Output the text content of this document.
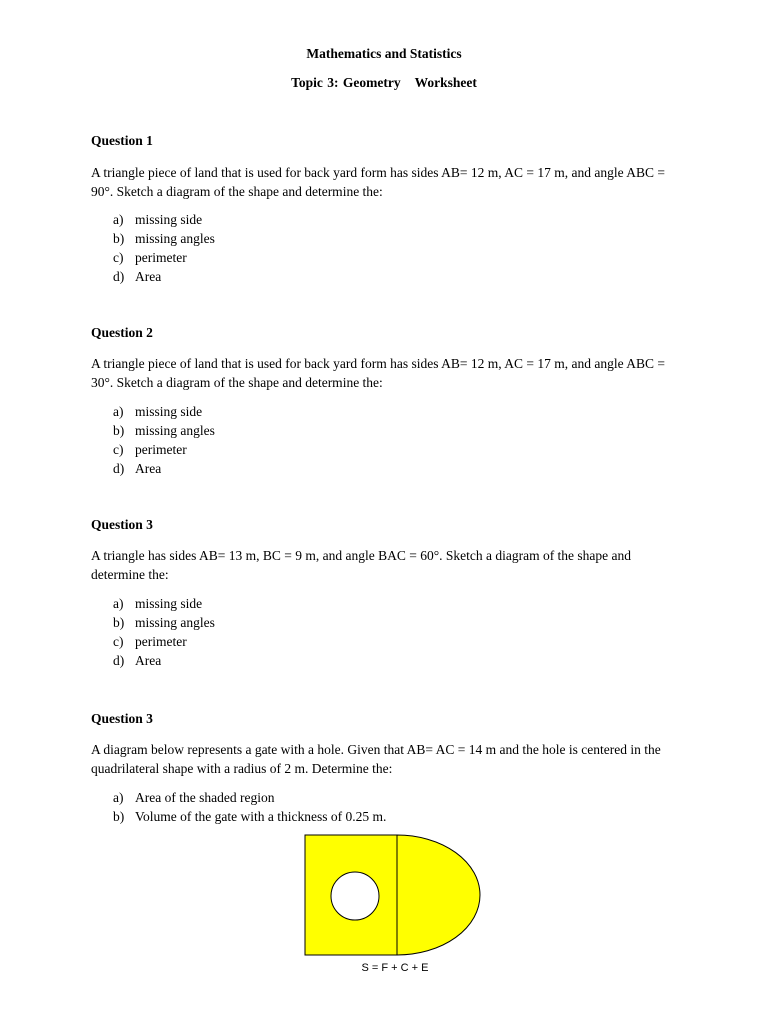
Mathematics and Statistics
Topic 3: Geometry Worksheet
Question 1
A triangle piece of land that is used for back yard form has sides AB= 12 m, AC = 17 m, and angle ABC = 90°. Sketch a diagram of the shape and determine the:
a) missing side
b) missing angles
c) perimeter
d) Area
Question 2
A triangle piece of land that is used for back yard form has sides AB= 12 m, AC = 17 m, and angle ABC = 30°. Sketch a diagram of the shape and determine the:
a) missing side
b) missing angles
c) perimeter
d) Area
Question 3
A triangle has sides AB= 13 m, BC = 9 m, and angle BAC = 60°. Sketch a diagram of the shape and determine the:
a) missing side
b) missing angles
c) perimeter
d) Area
Question 3
A diagram below represents a gate with a hole. Given that AB= AC = 14 m and the hole is centered in the quadrilateral shape with a radius of 2 m. Determine the:
a) Area of the shaded region
b) Volume of the gate with a thickness of 0.25 m.
S = F + C + E
